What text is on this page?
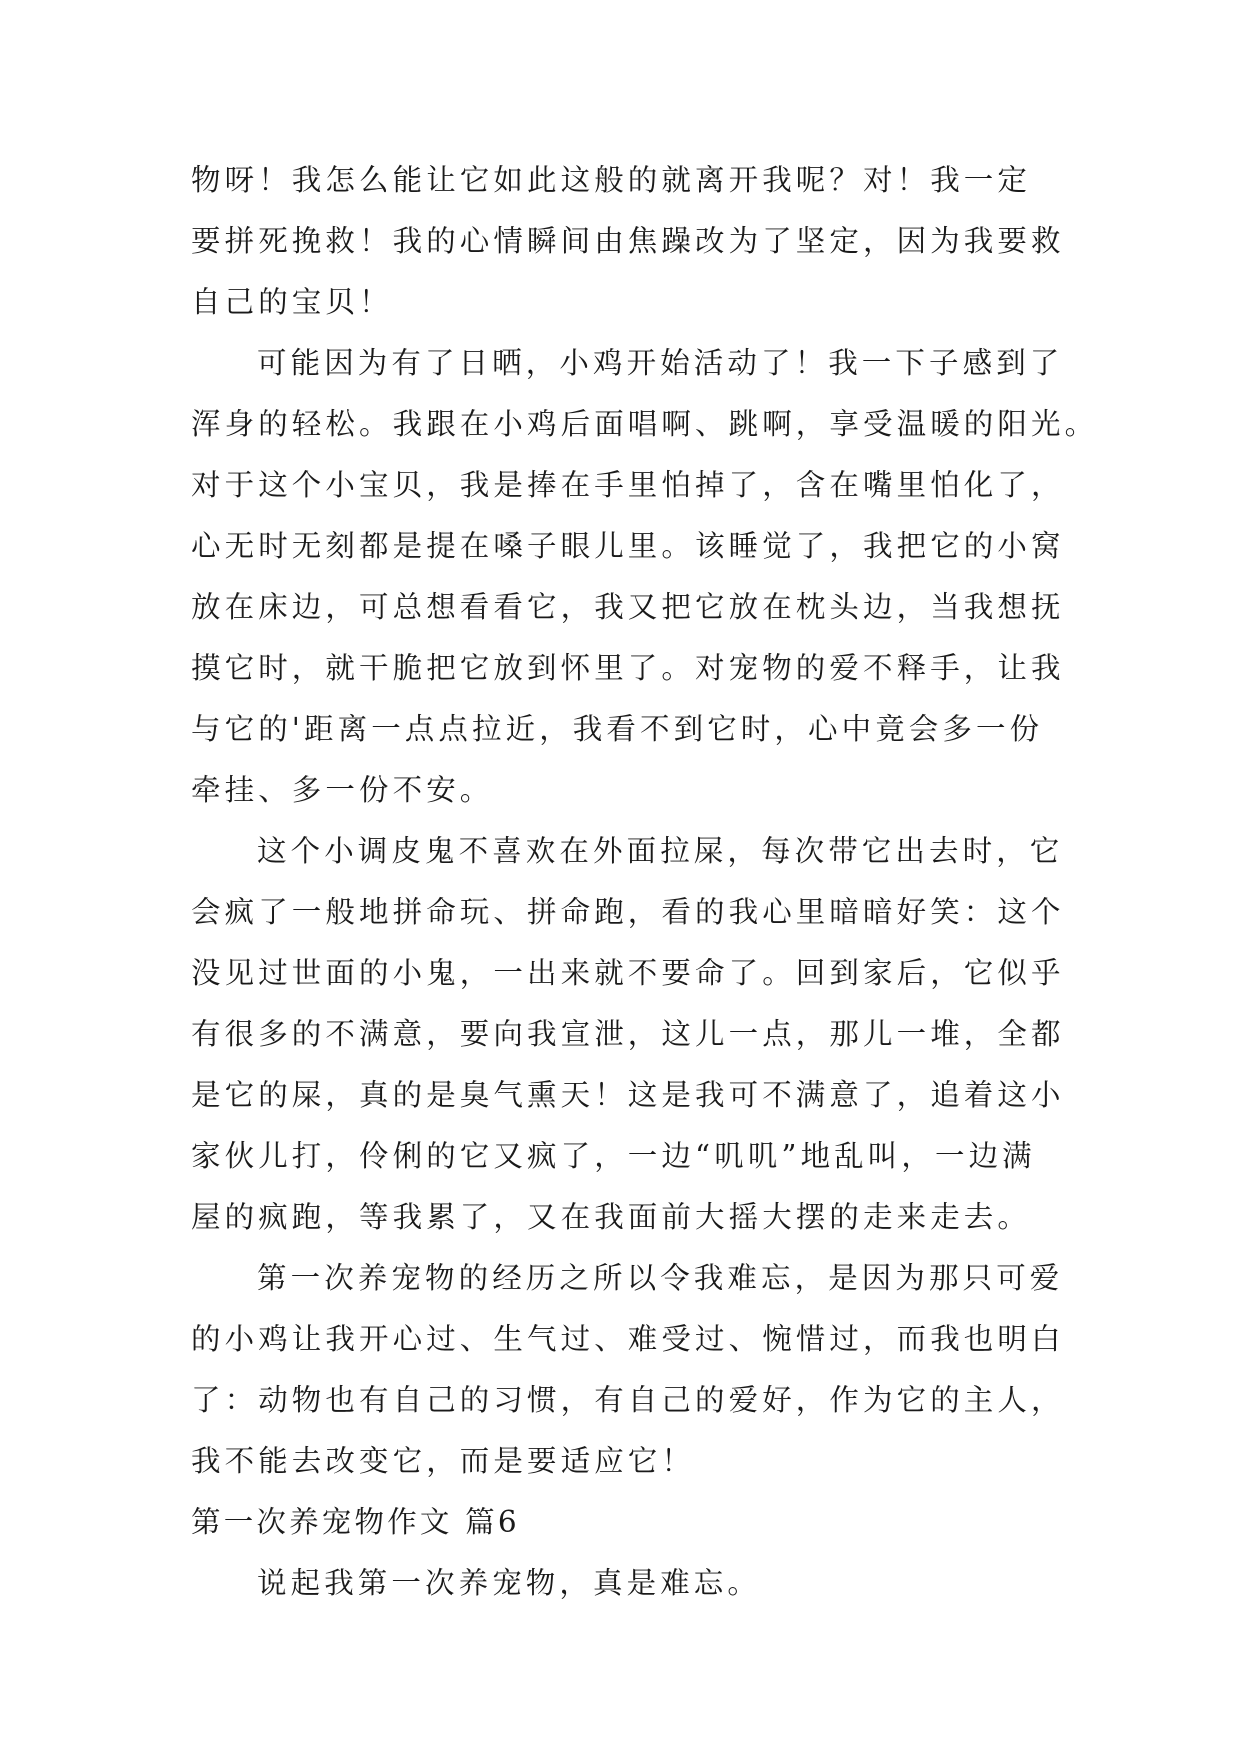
物呀！我怎么能让它如此这般的就离开我呢？对！我一定
要拼死挽救！我的心情瞬间由焦躁改为了坚定，因为我要救
自己的宝贝！
可能因为有了日晒，小鸡开始活动了！我一下子感到了
浑身的轻松。我跟在小鸡后面唱啊、跳啊，享受温暖的阳光。
对于这个小宝贝，我是捧在手里怕掉了，含在嘴里怕化了，
心无时无刻都是提在嗓子眼儿里。该睡觉了，我把它的小窝
放在床边，可总想看看它，我又把它放在枕头边，当我想抚
摸它时，就干脆把它放到怀里了。对宠物的爱不释手，让我
与它的'距离一点点拉近，我看不到它时，心中竟会多一份
牵挂、多一份不安。
这个小调皮鬼不喜欢在外面拉屎，每次带它出去时，它
会疯了一般地拼命玩、拼命跑，看的我心里暗暗好笑：这个
没见过世面的小鬼，一出来就不要命了。回到家后，它似乎
有很多的不满意，要向我宣泄，这儿一点，那儿一堆，全都
是它的屎，真的是臭气熏天！这是我可不满意了，追着这小
家伙儿打，伶俐的它又疯了，一边“叽叽”地乱叫，一边满
屋的疯跑，等我累了，又在我面前大摇大摆的走来走去。
第一次养宠物的经历之所以令我难忘，是因为那只可爱
的小鸡让我开心过、生气过、难受过、惋惜过，而我也明白
了：动物也有自己的习惯，有自己的爱好，作为它的主人，
我不能去改变它，而是要适应它！
第一次养宠物作文 篇6
说起我第一次养宠物，真是难忘。
